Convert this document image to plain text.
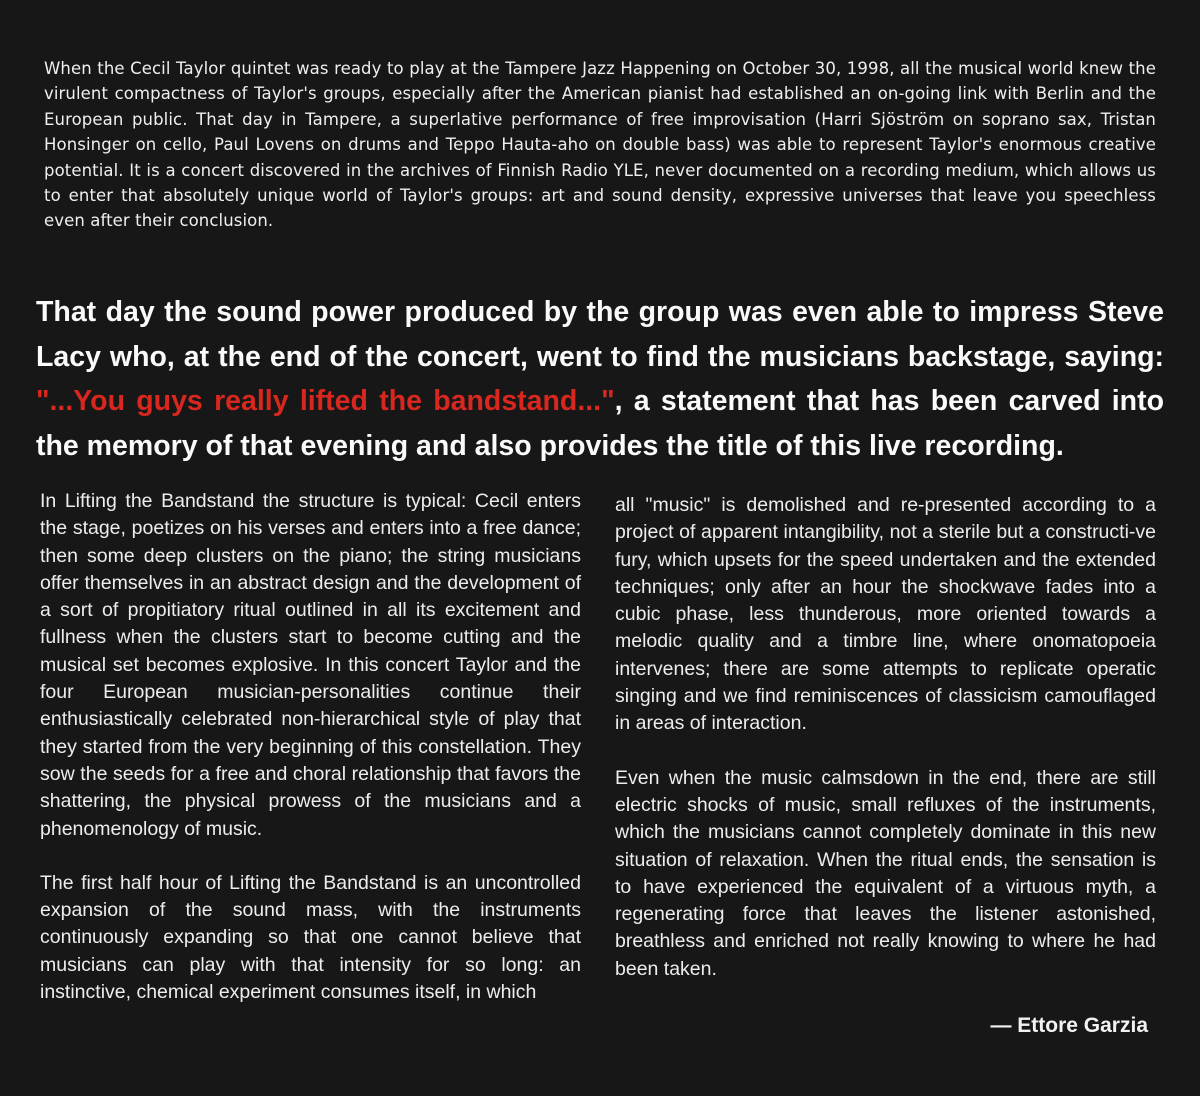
When the Cecil Taylor quintet was ready to play at the Tampere Jazz Happening on October 30, 1998, all the musical world knew the virulent compactness of Taylor's groups, especially after the American pianist had established an on-going link with Berlin and the European public. That day in Tampere, a superlative performance of free improvisation (Harri Sjöström on soprano sax, Tristan Honsinger on cello, Paul Lovens on drums and Teppo Hauta-aho on double bass) was able to represent Taylor's enormous creative potential. It is a concert discovered in the archives of Finnish Radio YLE, never documented on a recording medium, which allows us to enter that absolutely unique world of Taylor's groups: art and sound density, expressive universes that leave you speechless even after their conclusion.

That day the sound power produced by the group was even able to impress Steve Lacy who, at the end of the concert, went to find the musicians backstage, saying: "...You guys really lifted the bandstand...", a statement that has been carved into the memory of that evening and also provides the title of this live recording.

In Lifting the Bandstand the structure is typical: Cecil enters the stage, poetizes on his verses and enters into a free dance; then some deep clusters on the piano; the string musicians offer themselves in an abstract design and the development of a sort of propitiatory ritual outlined in all its excitement and fullness when the clusters start to become cutting and the musical set becomes explosive. In this concert Taylor and the four European musician-personalities continue their enthusiastically celebrated non-hierarchical style of play that they started from the very beginning of this constellation. They sow the seeds for a free and choral relationship that favors the shattering, the physical prowess of the musicians and a phenomenology of music.

The first half hour of Lifting the Bandstand is an uncontrolled expansion of the sound mass, with the instruments continuously expanding so that one cannot believe that musicians can play with that intensity for so long: an instinctive, chemical experiment consumes itself, in which

all "music" is demolished and re-presented according to a project of apparent intangibility, not a sterile but a constructi-ve fury, which upsets for the speed undertaken and the extended techniques; only after an hour the shockwave fades into a cubic phase, less thunderous, more oriented towards a melodic quality and a timbre line, where onomatopoeia intervenes; there are some attempts to replicate operatic singing and we find reminiscences of classicism camouflaged in areas of interaction.

Even when the music calmsdown in the end, there are still electric shocks of music, small refluxes of the instruments, which the musicians cannot completely dominate in this new situation of relaxation. When the ritual ends, the sensation is to have experienced the equivalent of a virtuous myth, a regenerating force that leaves the listener astonished, breathless and enriched not really knowing to where he had been taken.

— Ettore Garzia
